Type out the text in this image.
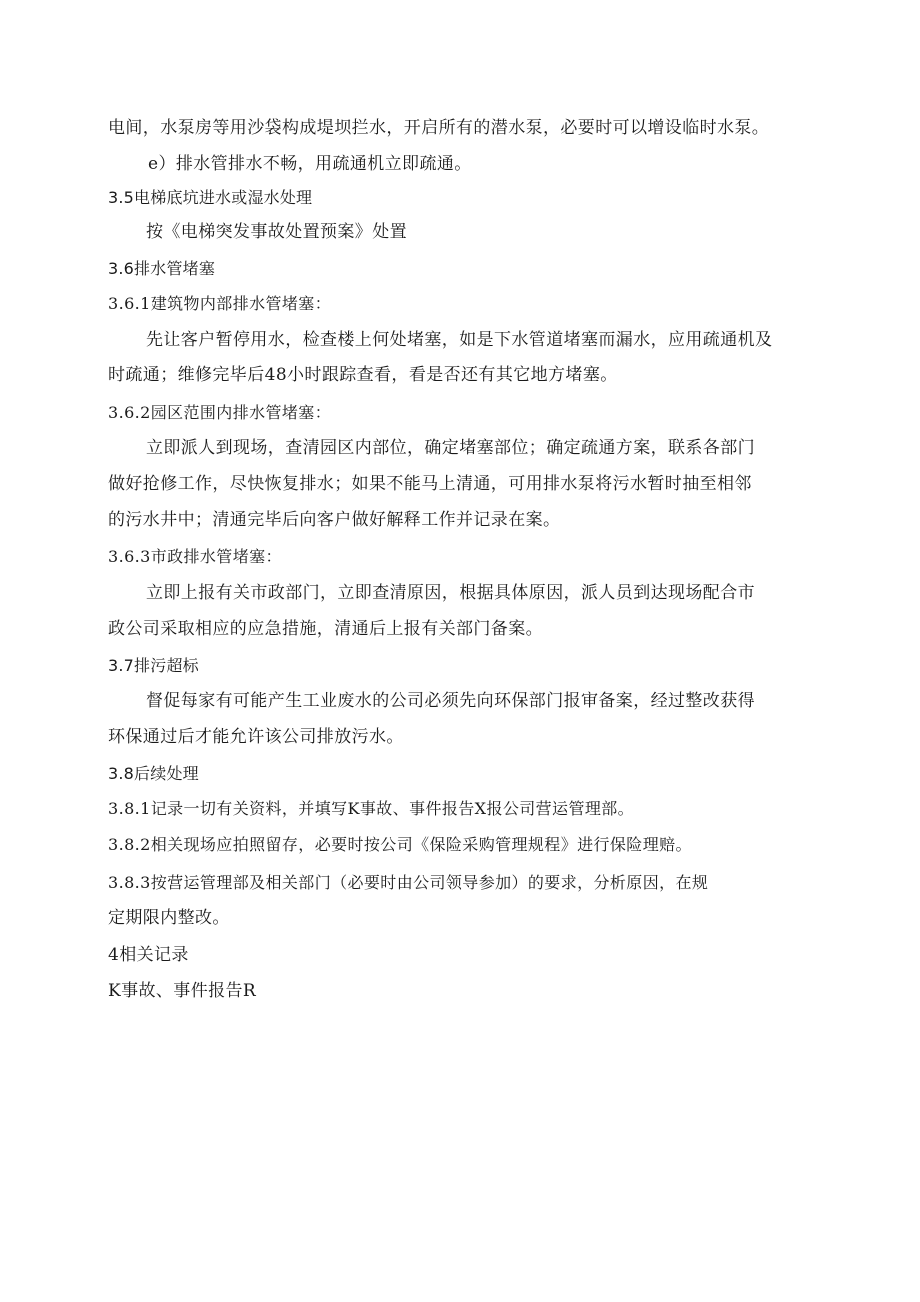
电间，水泵房等用沙袋构成堤坝拦水，开启所有的潜水泵，必要时可以增设临时水泵。
e）排水管排水不畅，用疏通机立即疏通。
3.5电梯底坑进水或湿水处理
按《电梯突发事故处置预案》处置
3.6排水管堵塞
3.6.1建筑物内部排水管堵塞：
先让客户暂停用水，检查楼上何处堵塞，如是下水管道堵塞而漏水，应用疏通机及
时疏通；维修完毕后48小时跟踪查看，看是否还有其它地方堵塞。
3.6.2园区范围内排水管堵塞：
立即派人到现场，查清园区内部位，确定堵塞部位；确定疏通方案，联系各部门
做好抢修工作，尽快恢复排水；如果不能马上清通，可用排水泵将污水暂时抽至相邻
的污水井中；清通完毕后向客户做好解释工作并记录在案。
3.6.3市政排水管堵塞：
立即上报有关市政部门，立即查清原因，根据具体原因，派人员到达现场配合市
政公司采取相应的应急措施，清通后上报有关部门备案。
3.7排污超标
督促每家有可能产生工业废水的公司必须先向环保部门报审备案，经过整改获得
环保通过后才能允许该公司排放污水。
3.8后续处理
3.8.1记录一切有关资料，并填写K事故、事件报告X报公司营运管理部。
3.8.2相关现场应拍照留存，必要时按公司《保险采购管理规程》进行保险理赔。
3.8.3按营运管理部及相关部门（必要时由公司领导参加）的要求，分析原因，在规
定期限内整改。
4相关记录
K事故、事件报告R
